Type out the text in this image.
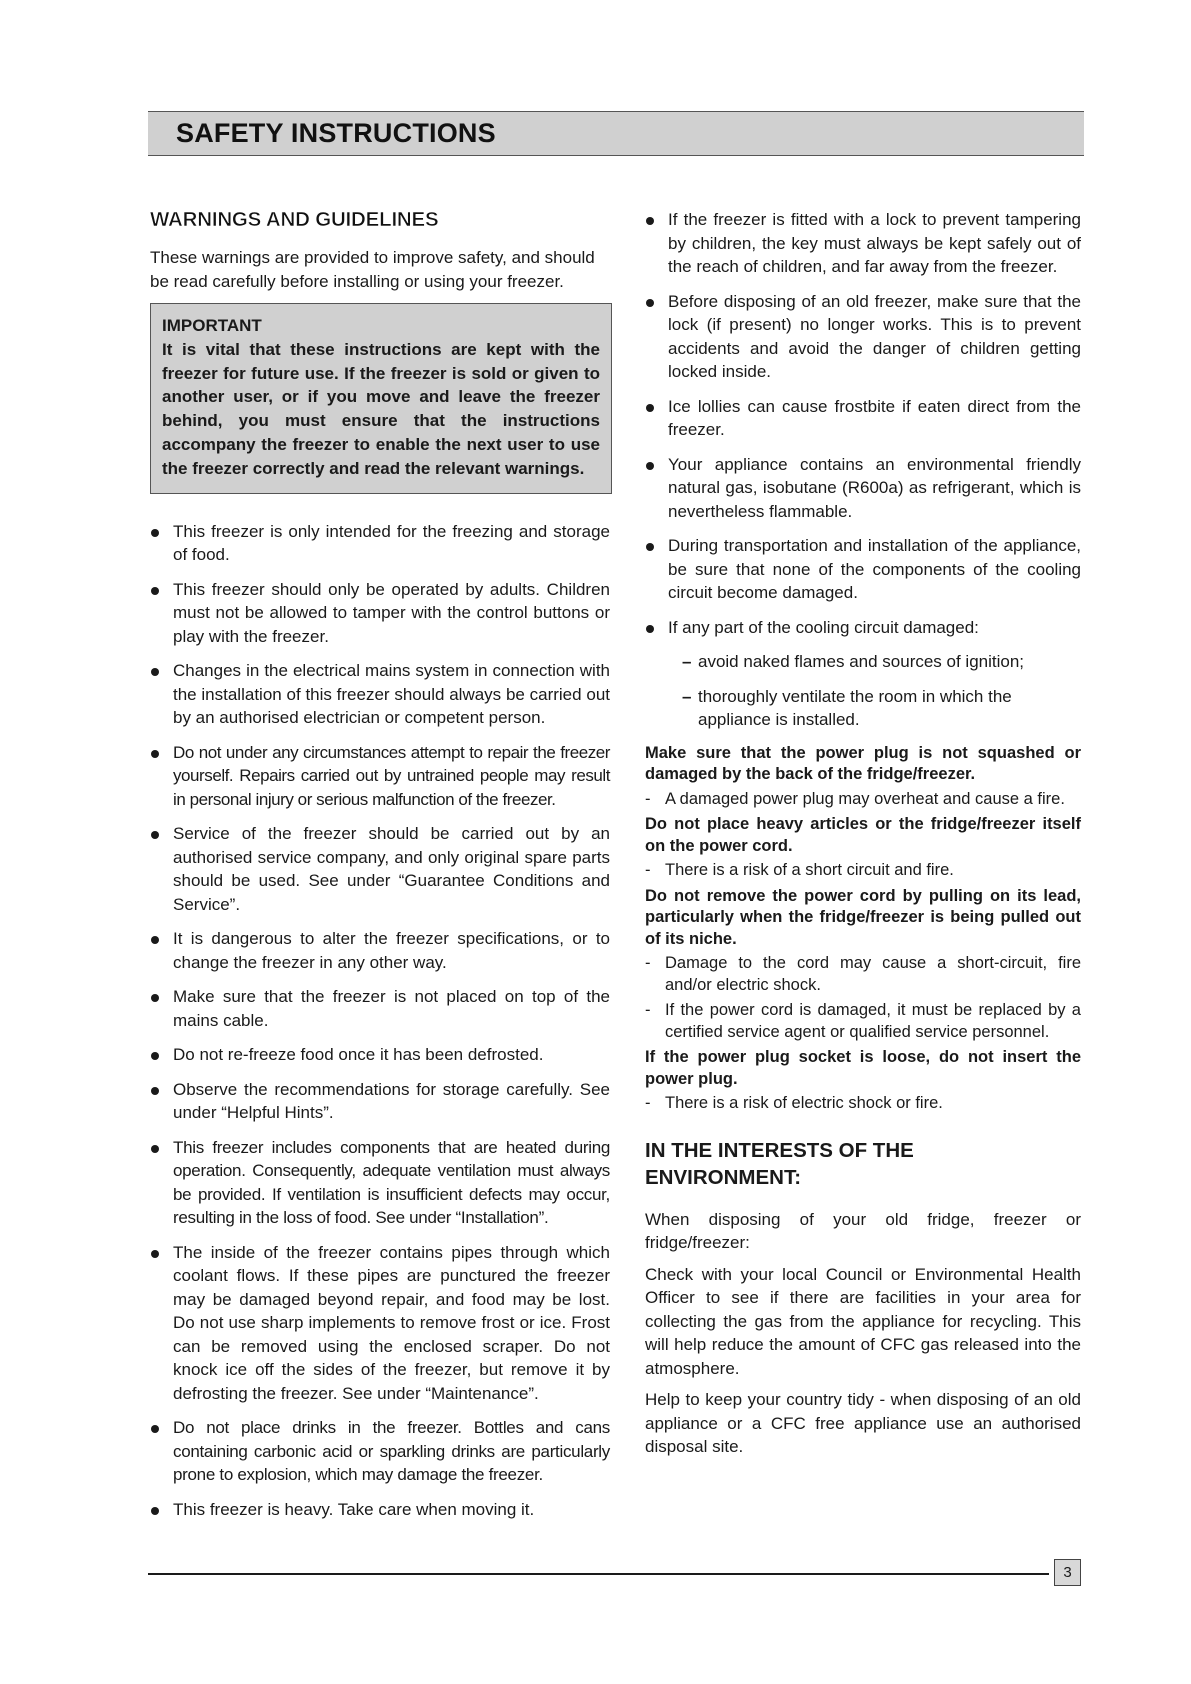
SAFETY INSTRUCTIONS
WARNINGS AND GUIDELINES

These warnings are provided to improve safety, and should be read carefully before installing or using your freezer.

IMPORTANT
It is vital that these instructions are kept with the freezer for future use. If the freezer is sold or given to another user, or if you move and leave the freezer behind, you must ensure that the instructions accompany the freezer to enable the next user to use the freezer correctly and read the relevant warnings.
This freezer is only intended for the freezing and storage of food.
This freezer should only be operated by adults. Children must not be allowed to tamper with the control buttons or play with the freezer.
Changes in the electrical mains system in connection with the installation of this freezer should always be carried out by an authorised electrician or competent person.
Do not under any circumstances attempt to repair the freezer yourself. Repairs carried out by untrained people may result in personal injury or serious malfunction of the freezer.
Service of the freezer should be carried out by an authorised service company, and only original spare parts should be used. See under “Guarantee Conditions and Service”.
It is dangerous to alter the freezer specifications, or to change the freezer in any other way.
Make sure that the freezer is not placed on top of the mains cable.
Do not re-freeze food once it has been defrosted.
Observe the recommendations for storage carefully. See under “Helpful Hints”.
This freezer includes components that are heated during operation. Consequently, adequate ventilation must always be provided. If ventilation is insufficient defects may occur, resulting in the loss of food. See under “Installation”.
The inside of the freezer contains pipes through which coolant flows. If these pipes are punctured the freezer may be damaged beyond repair, and food may be lost. Do not use sharp implements to remove frost or ice. Frost can be removed using the enclosed scraper. Do not knock ice off the sides of the freezer, but remove it by defrosting the freezer. See under “Maintenance”.
Do not place drinks in the freezer. Bottles and cans containing carbonic acid or sparkling drinks are particularly prone to explosion, which may damage the freezer.
This freezer is heavy. Take care when moving it.
If the freezer is fitted with a lock to prevent tampering by children, the key must always be kept safely out of the reach of children, and far away from the freezer.
Before disposing of an old freezer, make sure that the lock (if present) no longer works. This is to prevent accidents and avoid the danger of children getting locked inside.
Ice lollies can cause frostbite if eaten direct from the freezer.
Your appliance contains an environmental friendly natural gas, isobutane (R600a) as refrigerant, which is nevertheless flammable.
During transportation and installation of the appliance, be sure that none of the components of the cooling circuit become damaged.
If any part of the cooling circuit damaged:
– avoid naked flames and sources of ignition;
– thoroughly ventilate the room in which the appliance is installed.

Make sure that the power plug is not squashed or damaged by the back of the fridge/freezer.

- A damaged power plug may overheat and cause a fire.

Do not place heavy articles or the fridge/freezer itself on the power cord.

- There is a risk of a short circuit and fire.

Do not remove the power cord by pulling on its lead, particularly when the fridge/freezer is being pulled out of its niche.

- Damage to the cord may cause a short-circuit, fire and/or electric shock.

- If the power cord is damaged, it must be replaced by a certified service agent or qualified service personnel.

If the power plug socket is loose, do not insert the power plug.

- There is a risk of electric shock or fire.

IN THE INTERESTS OF THE
ENVIRONMENT:

When disposing of your old fridge, freezer or fridge/freezer:

Check with your local Council or Environmental Health Officer to see if there are facilities in your area for collecting the gas from the appliance for recycling. This will help reduce the amount of CFC gas released into the atmosphere.

Help to keep your country tidy - when disposing of an old appliance or a CFC free appliance use an authorised disposal site.

3
